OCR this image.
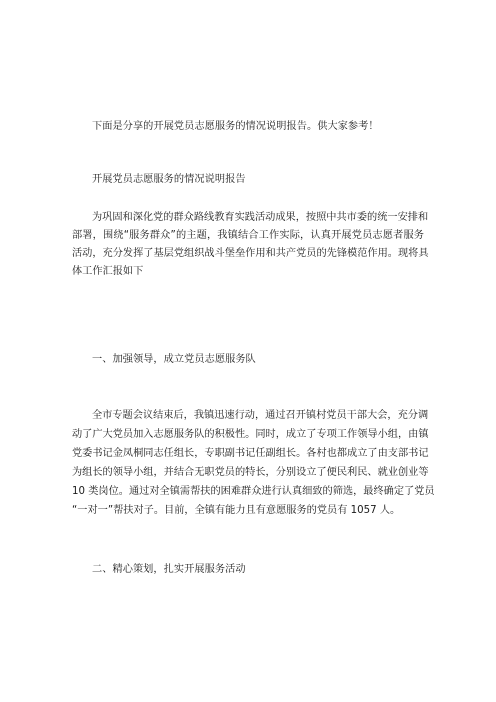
下面是分享的开展党员志愿服务的情况说明报告。供大家参考！
开展党员志愿服务的情况说明报告
为巩固和深化党的群众路线教育实践活动成果，按照中共市委的统一安排和
部署，围绕“服务群众”的主题，我镇结合工作实际，认真开展党员志愿者服务
活动，充分发挥了基层党组织战斗堡垒作用和共产党员的先锋模范作用。现将具
体工作汇报如下
一、加强领导，成立党员志愿服务队
全市专题会议结束后，我镇迅速行动，通过召开镇村党员干部大会，充分调
动了广大党员加入志愿服务队的积极性。同时，成立了专项工作领导小组，由镇
党委书记金凤桐同志任组长，专职副书记任副组长。各村也都成立了由支部书记
为组长的领导小组，并结合无职党员的特长，分别设立了便民利民、就业创业等
10 类岗位。通过对全镇需帮扶的困难群众进行认真细致的筛选，最终确定了党员
“一对一”帮扶对子。目前，全镇有能力且有意愿服务的党员有 1057 人。
二、精心策划，扎实开展服务活动
